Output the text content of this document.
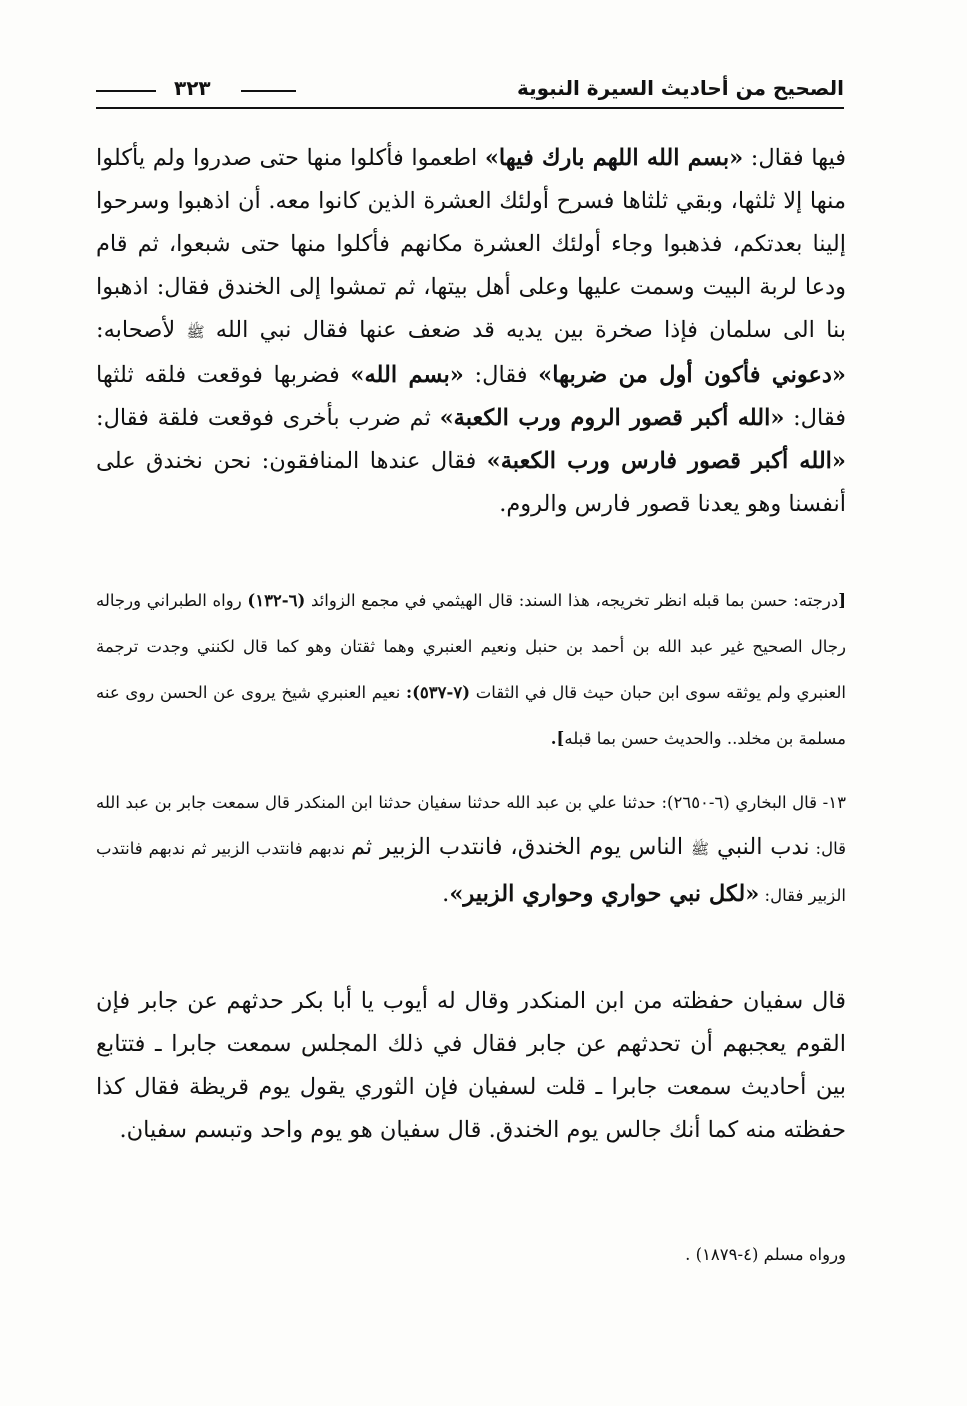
الصحيح من أحاديث السيرة النبوية
٣٢٣

فيها فقال: «بسم الله اللهم بارك فيها» اطعموا فأكلوا منها حتى صدروا ولم يأكلوا منها إلا ثلثها، وبقي ثلثاها فسرح أولئك العشرة الذين كانوا معه. أن اذهبوا وسرحوا إلينا بعدتكم، فذهبوا وجاء أولئك العشرة مكانهم فأكلوا منها حتى شبعوا، ثم قام ودعا لربة البيت وسمت عليها وعلى أهل بيتها، ثم تمشوا إلى الخندق فقال: اذهبوا بنا الى سلمان فإذا صخرة بين يديه قد ضعف عنها فقال نبي الله ﷺ لأصحابه: «دعوني فأكون أول من ضربها» فقال: «بسم الله» فضربها فوقعت فلقه ثلثها فقال: «الله أكبر قصور الروم ورب الكعبة» ثم ضرب بأخرى فوقعت فلقة فقال: «الله أكبر قصور فارس ورب الكعبة» فقال عندها المنافقون: نحن نخندق على أنفسنا وهو يعدنا قصور فارس والروم.

[درجته: حسن بما قبله انظر تخريجه، هذا السند: قال الهيثمي في مجمع الزوائد (٦-١٣٢) رواه الطبراني ورجاله رجال الصحيح غير عبد الله بن أحمد بن حنبل ونعيم العنبري وهما ثقتان وهو كما قال لكنني وجدت ترجمة العنبري ولم يوثقه سوى ابن حبان حيث قال في الثقات (٧-٥٣٧): نعيم العنبري شيخ يروى عن الحسن روى عنه مسلمة بن مخلد.. والحديث حسن بما قبله].

١٣- قال البخاري (٦-٢٦٥٠): حدثنا علي بن عبد الله حدثنا سفيان حدثنا ابن المنكدر قال سمعت جابر بن عبد الله قال: ندب النبي ﷺ الناس يوم الخندق، فانتدب الزبير ثم ندبهم فانتدب الزبير ثم ندبهم فانتدب الزبير فقال: «لكل نبي حواري وحواري الزبير».

قال سفيان حفظته من ابن المنكدر وقال له أيوب يا أبا بكر حدثهم عن جابر فإن القوم يعجبهم أن تحدثهم عن جابر فقال في ذلك المجلس سمعت جابرا ـ فتتابع بين أحاديث سمعت جابرا ـ قلت لسفيان فإن الثوري يقول يوم قريظة فقال كذا حفظته منه كما أنك جالس يوم الخندق. قال سفيان هو يوم واحد وتبسم سفيان.

ورواه مسلم (٤-١٨٧٩) .
